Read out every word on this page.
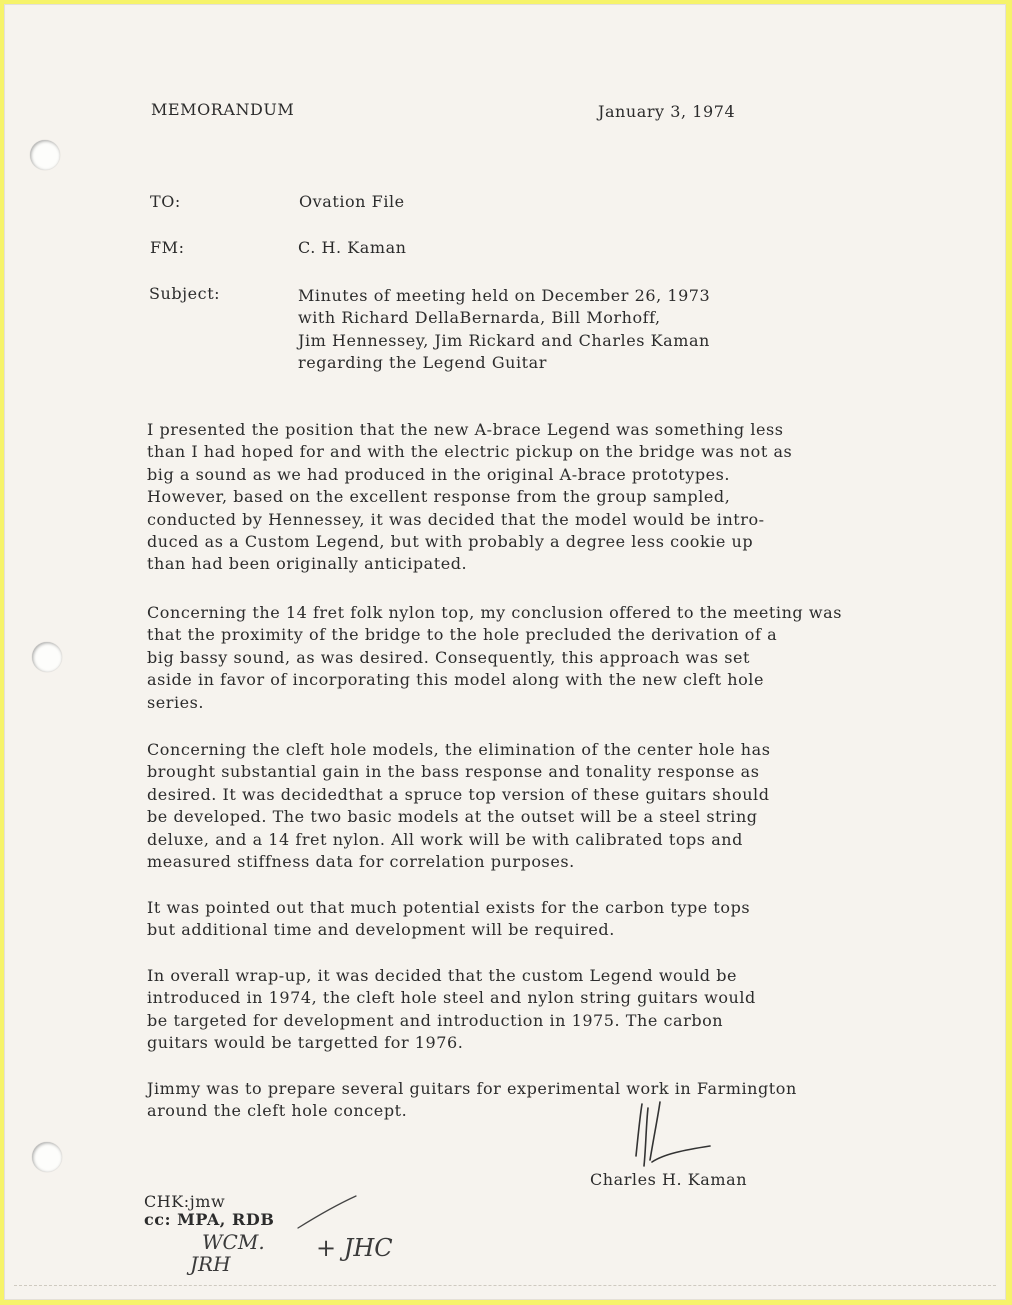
MEMORANDUM	January 3, 1974
TO:	Ovation File
FM:	C. H. Kaman
Subject:	Minutes of meeting held on December 26, 1973
with Richard DellaBernarda, Bill Morhoff,
Jim Hennessey, Jim Rickard and Charles Kaman
regarding the Legend Guitar
I presented the position that the new A-brace Legend was something less
than I had hoped for and with the electric pickup on the bridge was not as
big a sound as we had produced in the original A-brace prototypes.
However, based on the excellent response from the group sampled,
conducted by Hennessey, it was decided that the model would be intro-
duced as a Custom Legend, but with probably a degree less cookie up
than had been originally anticipated.
Concerning the 14 fret folk nylon top, my conclusion offered to the meeting was
that the proximity of the bridge to the hole precluded the derivation of a
big bassy sound, as was desired. Consequently, this approach was set
aside in favor of incorporating this model along with the new cleft hole
series.
Concerning the cleft hole models, the elimination of the center hole has
brought substantial gain in the bass response and tonality response as
desired. It was decidedthat a spruce top version of these guitars should
be developed. The two basic models at the outset will be a steel string
deluxe, and a 14 fret nylon. All work will be with calibrated tops and
measured stiffness data for correlation purposes.
It was pointed out that much potential exists for the carbon type tops
but additional time and development will be required.
In overall wrap-up, it was decided that the custom Legend would be
introduced in 1974, the cleft hole steel and nylon string guitars would
be targeted for development and introduction in 1975. The carbon
guitars would be targetted for 1976.
Jimmy was to prepare several guitars for experimental work in Farmington
around the cleft hole concept.
Charles H. Kaman
CHK:jmw
cc: MPA, RDB
WCM.
JRH
+ JHC
